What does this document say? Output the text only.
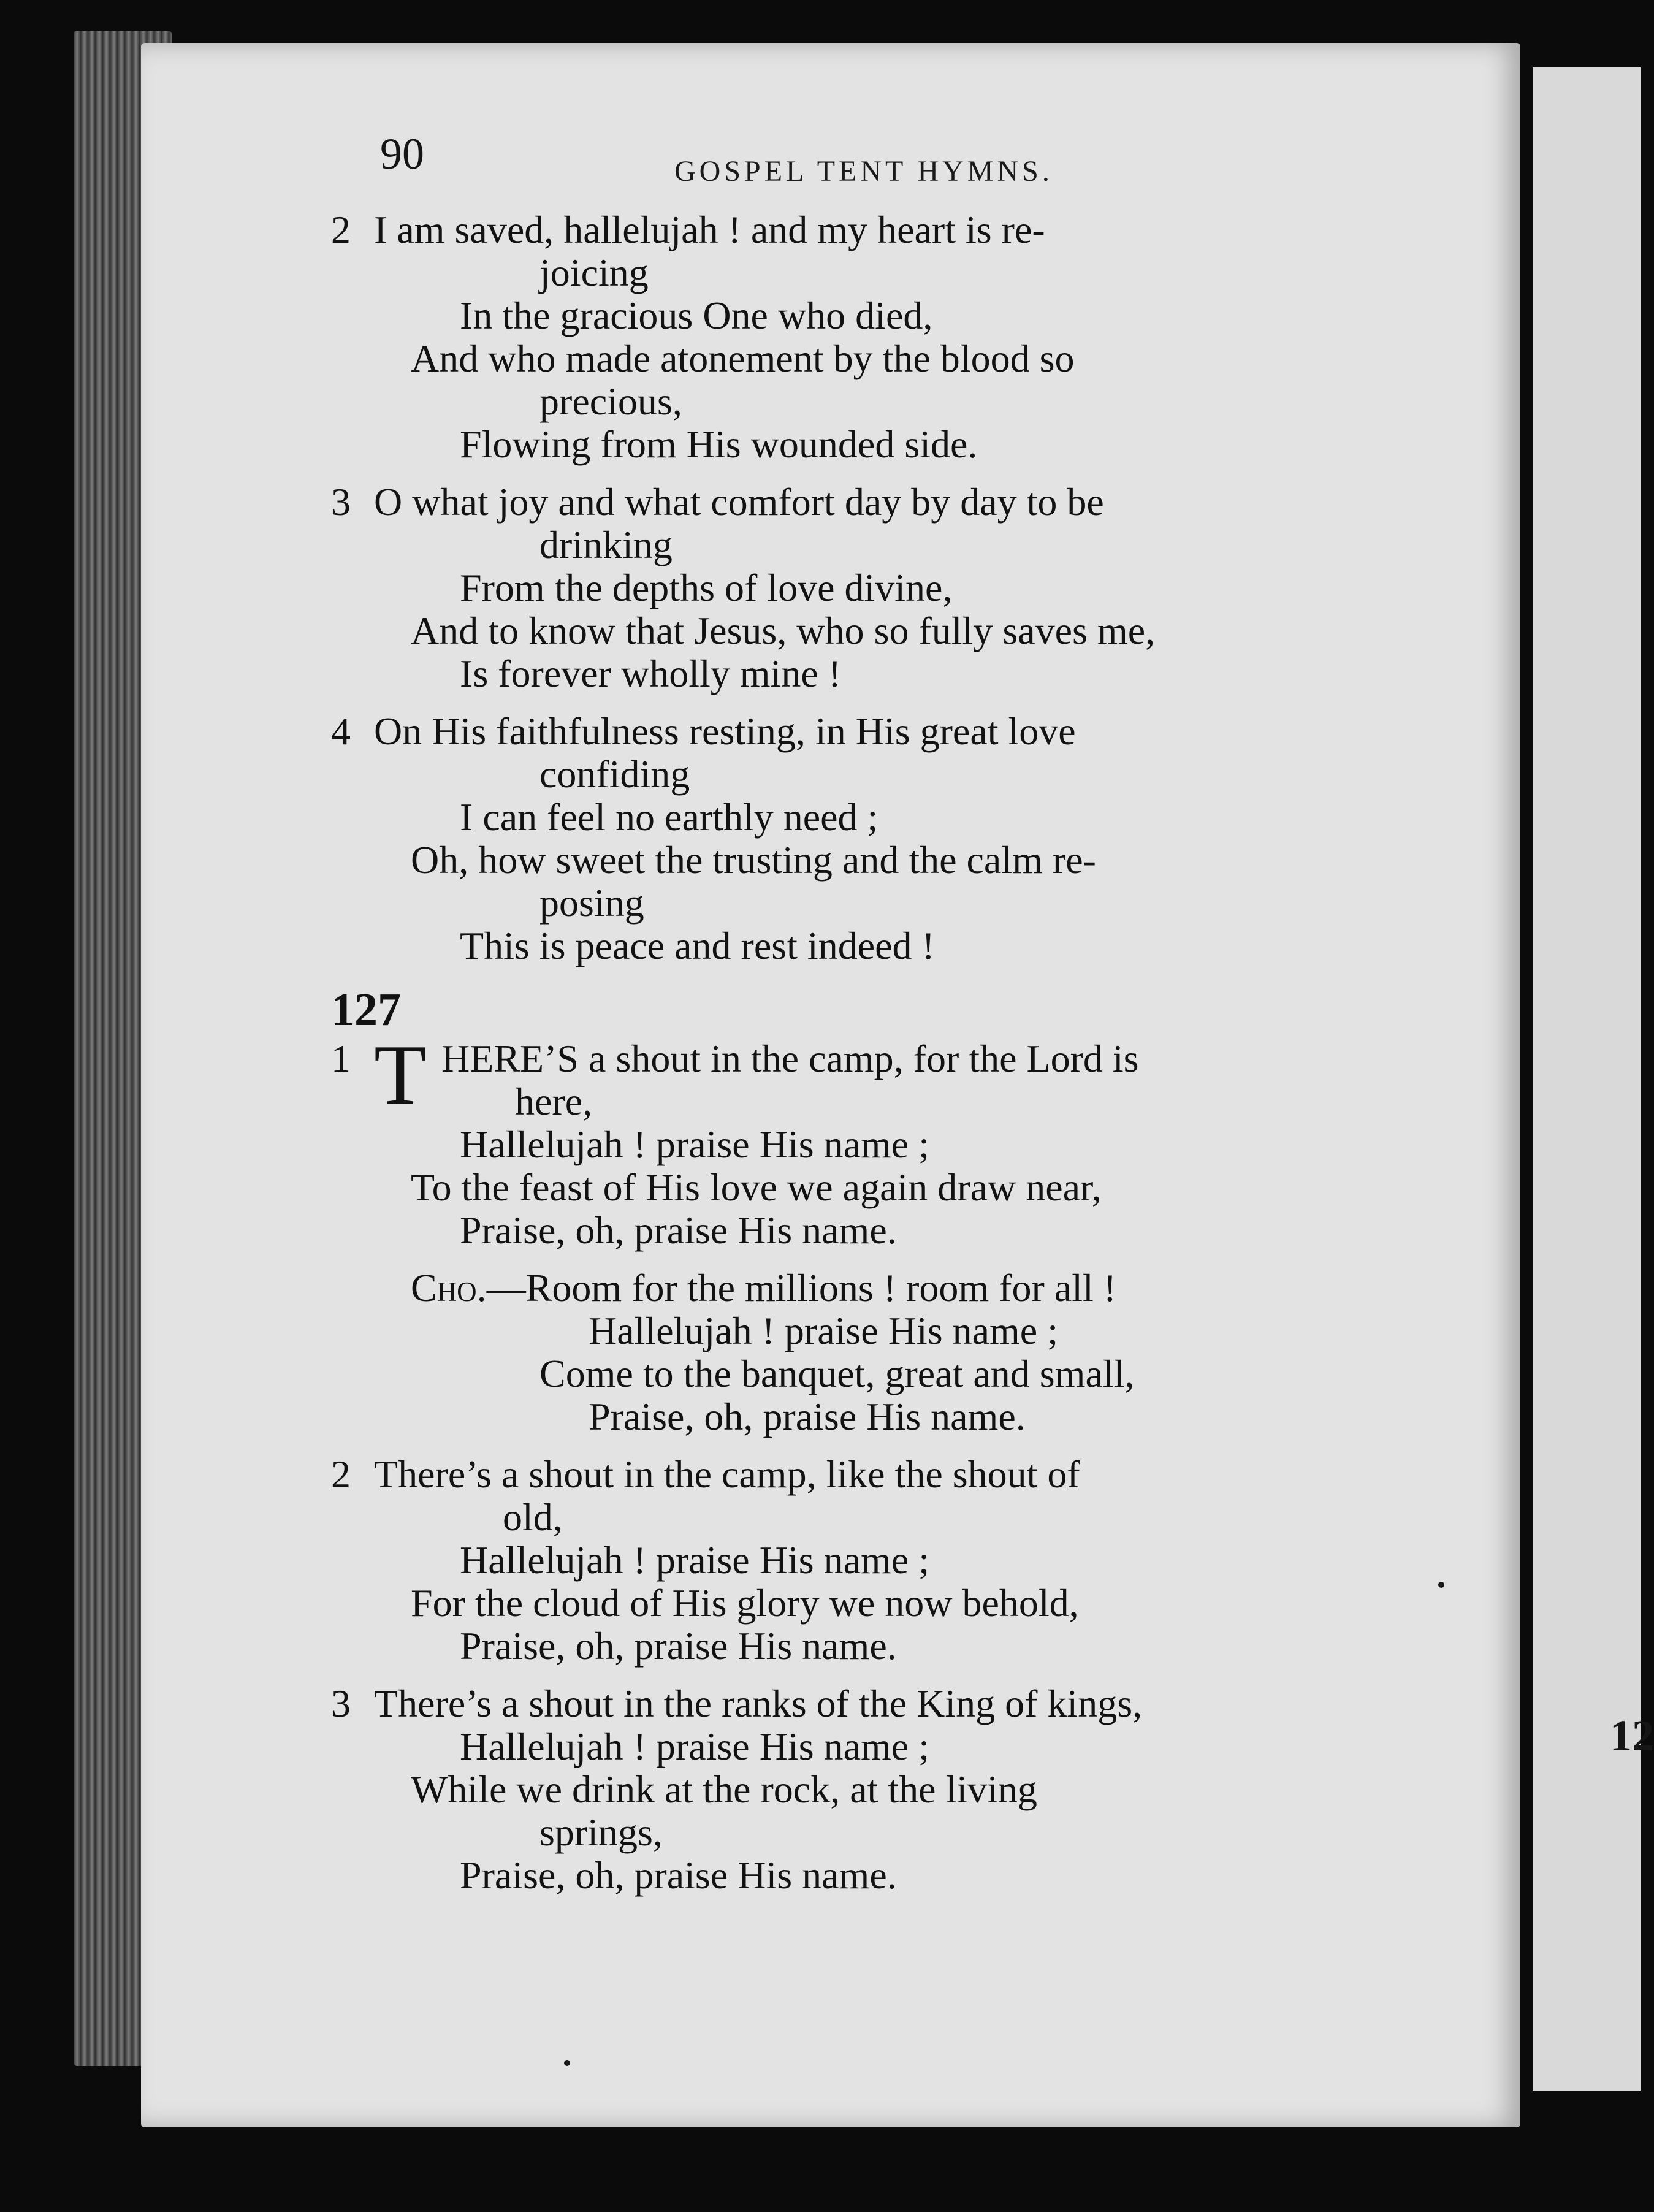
12
90	GOSPEL TENT HYMNS.
2 I am saved, hallelujah ! and my heart is re-
joicing
In the gracious One who died,
And who made atonement by the blood so
precious,
Flowing from His wounded side.
3 O what joy and what comfort day by day to be
drinking
From the depths of love divine,
And to know that Jesus, who so fully saves me,
Is forever wholly mine !
4 On His faithfulness resting, in His great love
confiding
I can feel no earthly need ;
Oh, how sweet the trusting and the calm re-
posing
This is peace and rest indeed !
127
1 T HERE’S a shout in the camp, for the Lord is
here,
Hallelujah ! praise His name ;
To the feast of His love we again draw near,
Praise, oh, praise His name.
Cho.—Room for the millions ! room for all !
Hallelujah ! praise His name ;
Come to the banquet, great and small,
Praise, oh, praise His name.
2 There’s a shout in the camp, like the shout of
old,
Hallelujah ! praise His name ;
For the cloud of His glory we now behold,
Praise, oh, praise His name.
3 There’s a shout in the ranks of the King of kings,
Hallelujah ! praise His name ;
While we drink at the rock, at the living
springs,
Praise, oh, praise His name.
